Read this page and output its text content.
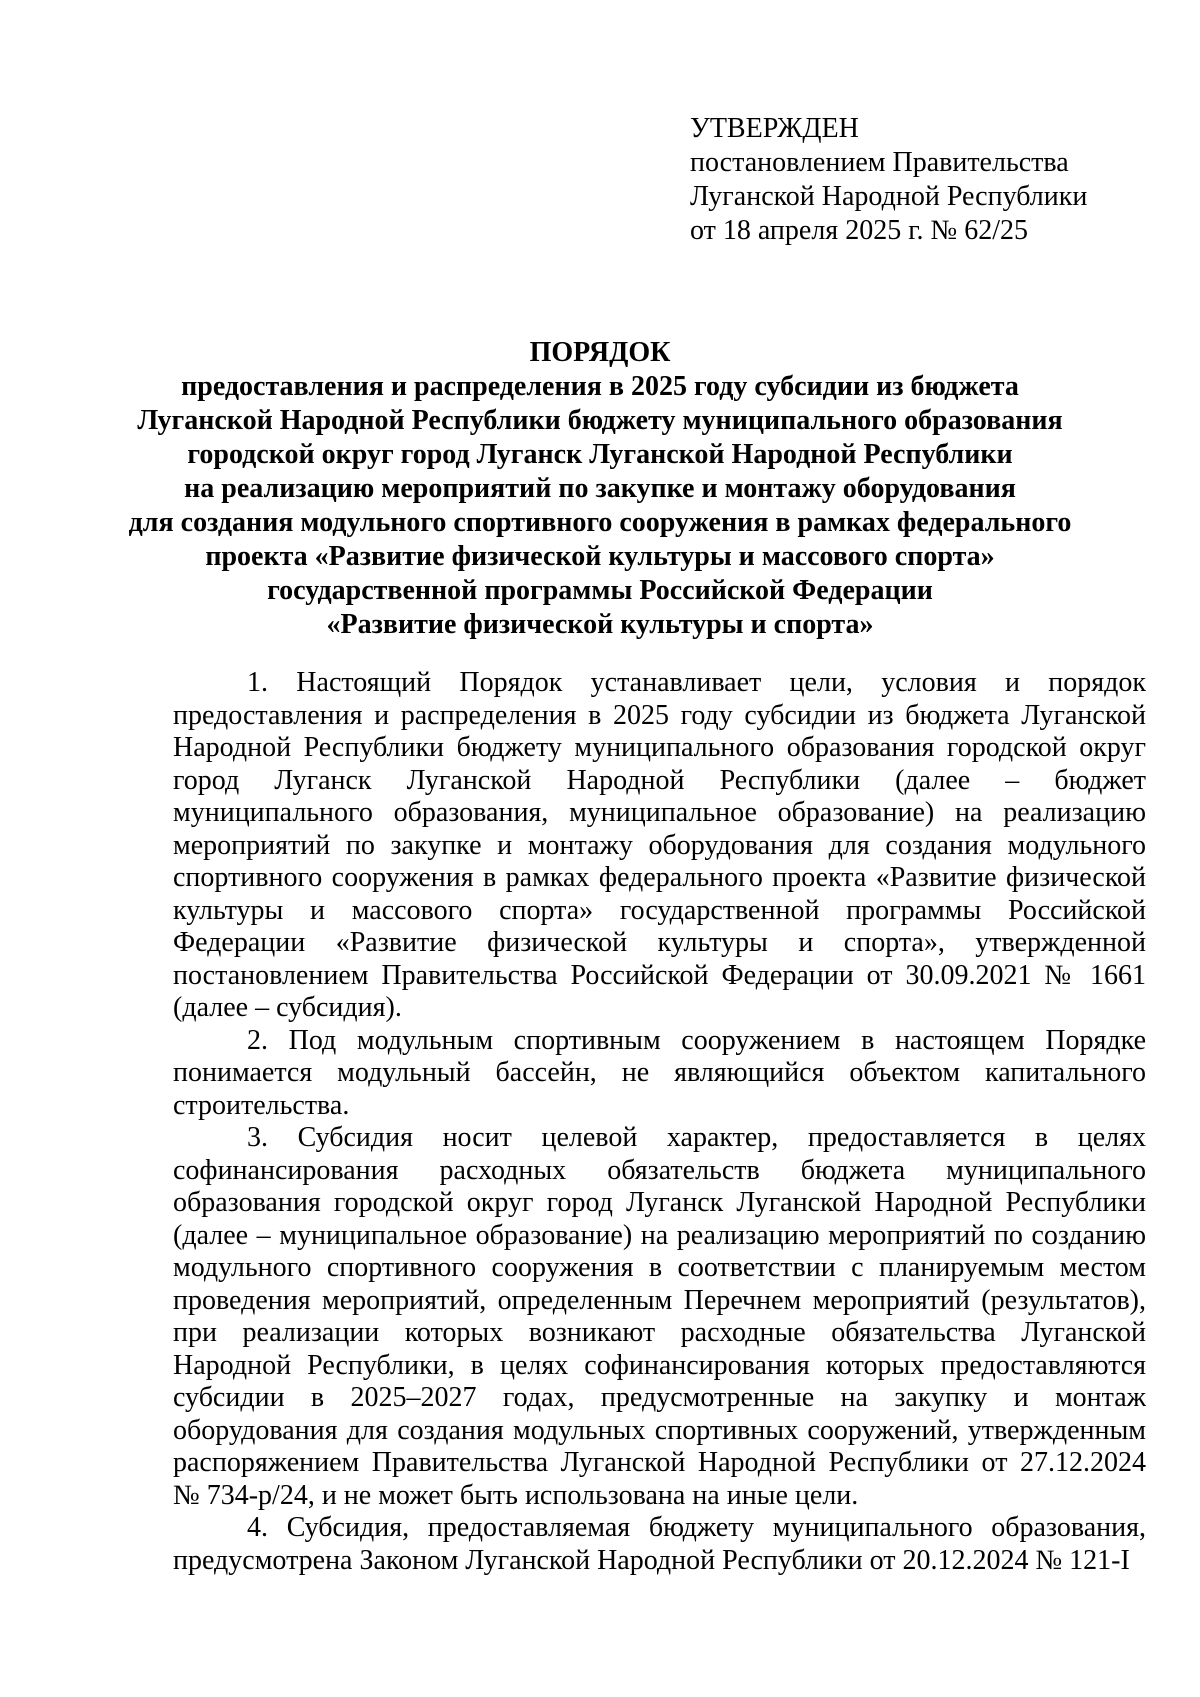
УТВЕРЖДЕН
постановлением Правительства
Луганской Народной Республики
от 18 апреля 2025 г. № 62/25
ПОРЯДОК
предоставления и распределения в 2025 году субсидии из бюджета
Луганской Народной Республики бюджету муниципального образования
городской округ город Луганск Луганской Народной Республики
на реализацию мероприятий по закупке и монтажу оборудования
для создания модульного спортивного сооружения в рамках федерального
проекта «Развитие физической культуры и массового спорта»
государственной программы Российской Федерации
«Развитие физической культуры и спорта»

1. Настоящий Порядок устанавливает цели, условия и порядок предоставления и распределения в 2025 году субсидии из бюджета Луганской Народной Республики бюджету муниципального образования городской округ город Луганск Луганской Народной Республики (далее – бюджет муниципального образования, муниципальное образование) на реализацию мероприятий по закупке и монтажу оборудования для создания модульного спортивного сооружения в рамках федерального проекта «Развитие физической культуры и массового спорта» государственной программы Российской Федерации «Развитие физической культуры и спорта», утвержденной постановлением Правительства Российской Федерации от 30.09.2021 № 1661 (далее – субсидия).

2. Под модульным спортивным сооружением в настоящем Порядке понимается модульный бассейн, не являющийся объектом капитального строительства.

3. Субсидия носит целевой характер, предоставляется в целях софинансирования расходных обязательств бюджета муниципального образования городской округ город Луганск Луганской Народной Республики (далее – муниципальное образование) на реализацию мероприятий по созданию модульного спортивного сооружения в соответствии с планируемым местом проведения мероприятий, определенным Перечнем мероприятий (результатов), при реализации которых возникают расходные обязательства Луганской Народной Республики, в целях софинансирования которых предоставляются субсидии в 2025–2027 годах, предусмотренные на закупку и монтаж оборудования для создания модульных спортивных сооружений, утвержденным распоряжением Правительства Луганской Народной Республики от 27.12.2024 № 734-р/24, и не может быть использована на иные цели.

4. Субсидия, предоставляемая бюджету муниципального образования, предусмотрена Законом Луганской Народной Республики от 20.12.2024 № 121-I
